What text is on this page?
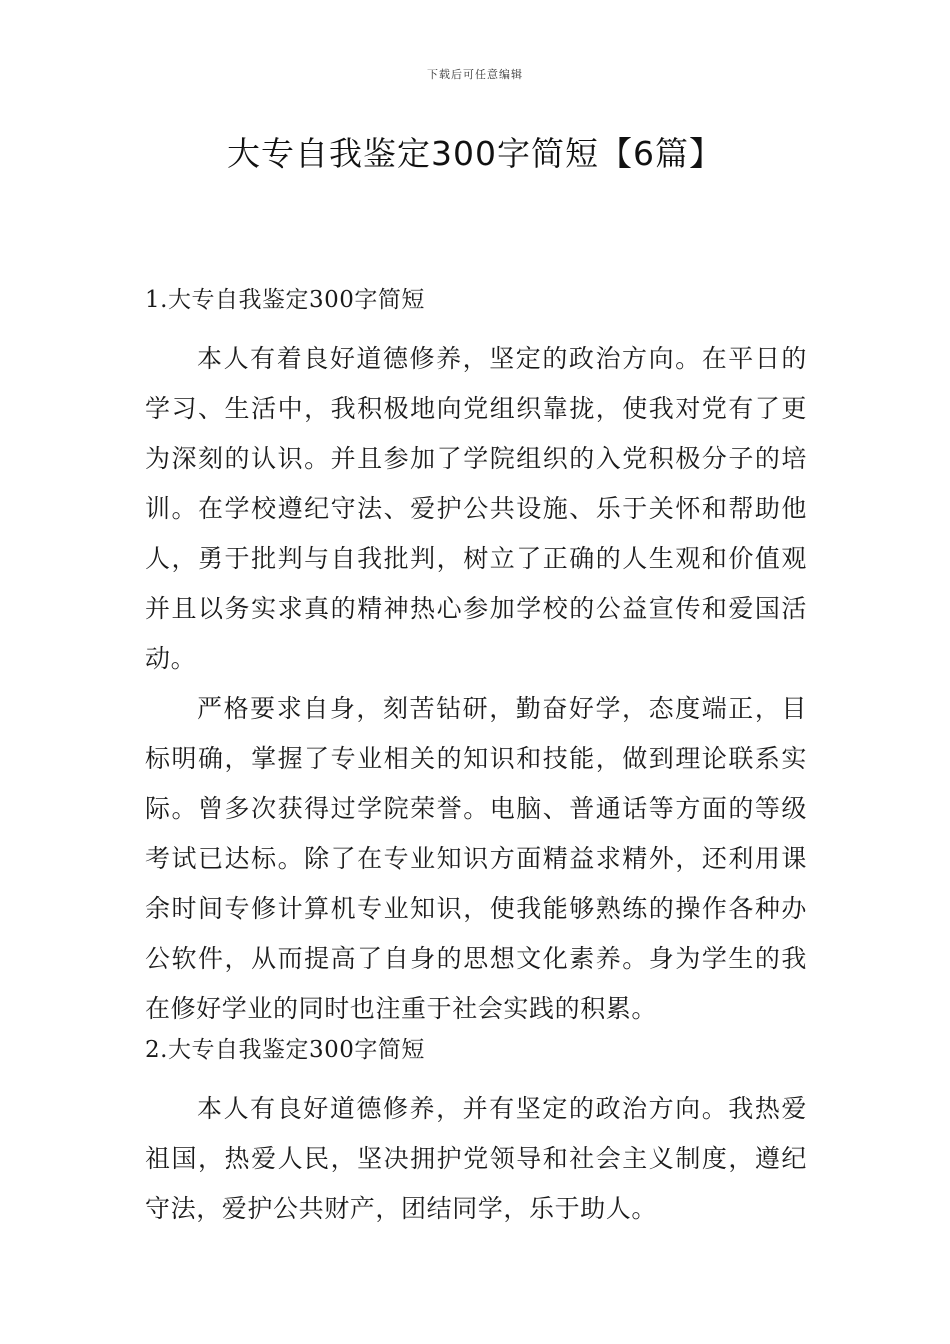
下载后可任意编辑
大专自我鉴定300字简短【6篇】

1.大专自我鉴定300字简短

本人有着良好道德修养，坚定的政治方向。在平日的学习、生活中，我积极地向党组织靠拢，使我对党有了更为深刻的认识。并且参加了学院组织的入党积极分子的培训。在学校遵纪守法、爱护公共设施、乐于关怀和帮助他人，勇于批判与自我批判，树立了正确的人生观和价值观并且以务实求真的精神热心参加学校的公益宣传和爱国活动。

严格要求自身，刻苦钻研，勤奋好学，态度端正，目标明确，掌握了专业相关的知识和技能，做到理论联系实际。曾多次获得过学院荣誉。电脑、普通话等方面的等级考试已达标。除了在专业知识方面精益求精外，还利用课余时间专修计算机专业知识，使我能够熟练的操作各种办公软件，从而提高了自身的思想文化素养。身为学生的我在修好学业的同时也注重于社会实践的积累。

2.大专自我鉴定300字简短

本人有良好道德修养，并有坚定的政治方向。我热爱祖国，热爱人民，坚决拥护党领导和社会主义制度，遵纪守法，爱护公共财产，团结同学，乐于助人。
